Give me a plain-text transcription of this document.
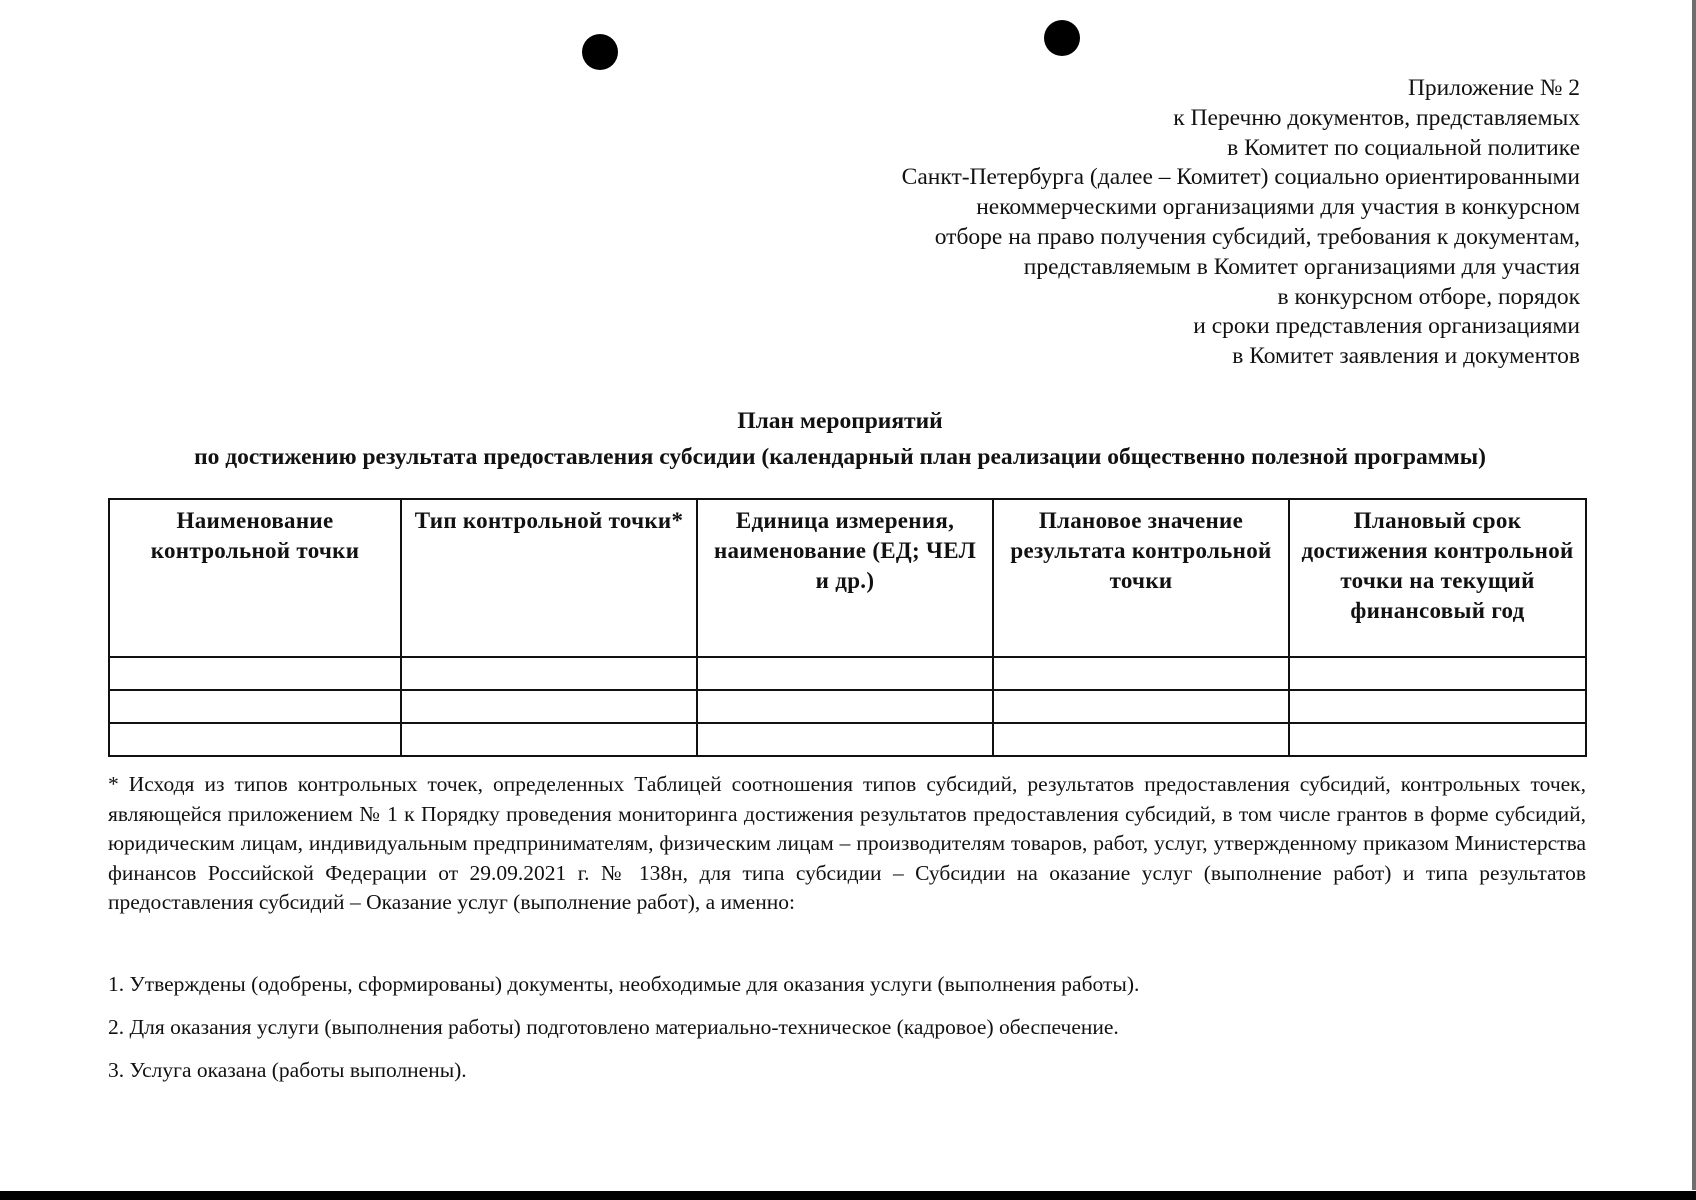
Приложение № 2
к Перечню документов, представляемых
в Комитет по социальной политике
Санкт-Петербурга (далее – Комитет) социально ориентированными
некоммерческими организациями для участия в конкурсном
отборе на право получения субсидий, требования к документам,
представляемым в Комитет организациями для участия
в конкурсном отборе, порядок
и сроки представления организациями
в Комитет заявления и документов
План мероприятий
по достижению результата предоставления субсидии (календарный план реализации общественно полезной программы)
Наименование контрольной точки	Тип контрольной точки*	Единица измерения, наименование (ЕД; ЧЕЛ и др.)	Плановое значение результата контрольной точки	Плановый срок достижения контрольной точки на текущий финансовый год

* Исходя из типов контрольных точек, определенных Таблицей соотношения типов субсидий, результатов предоставления субсидий, контрольных точек, являющейся приложением № 1 к Порядку проведения мониторинга достижения результатов предоставления субсидий, в том числе грантов в форме субсидий, юридическим лицам, индивидуальным предпринимателям, физическим лицам – производителям товаров, работ, услуг, утвержденному приказом Министерства финансов Российской Федерации от 29.09.2021 г. № 138н, для типа субсидии – Субсидии на оказание услуг (выполнение работ) и типа результатов предоставления субсидий – Оказание услуг (выполнение работ), а именно:
1. Утверждены (одобрены, сформированы) документы, необходимые для оказания услуги (выполнения работы).
2. Для оказания услуги (выполнения работы) подготовлено материально-техническое (кадровое) обеспечение.
3. Услуга оказана (работы выполнены).
